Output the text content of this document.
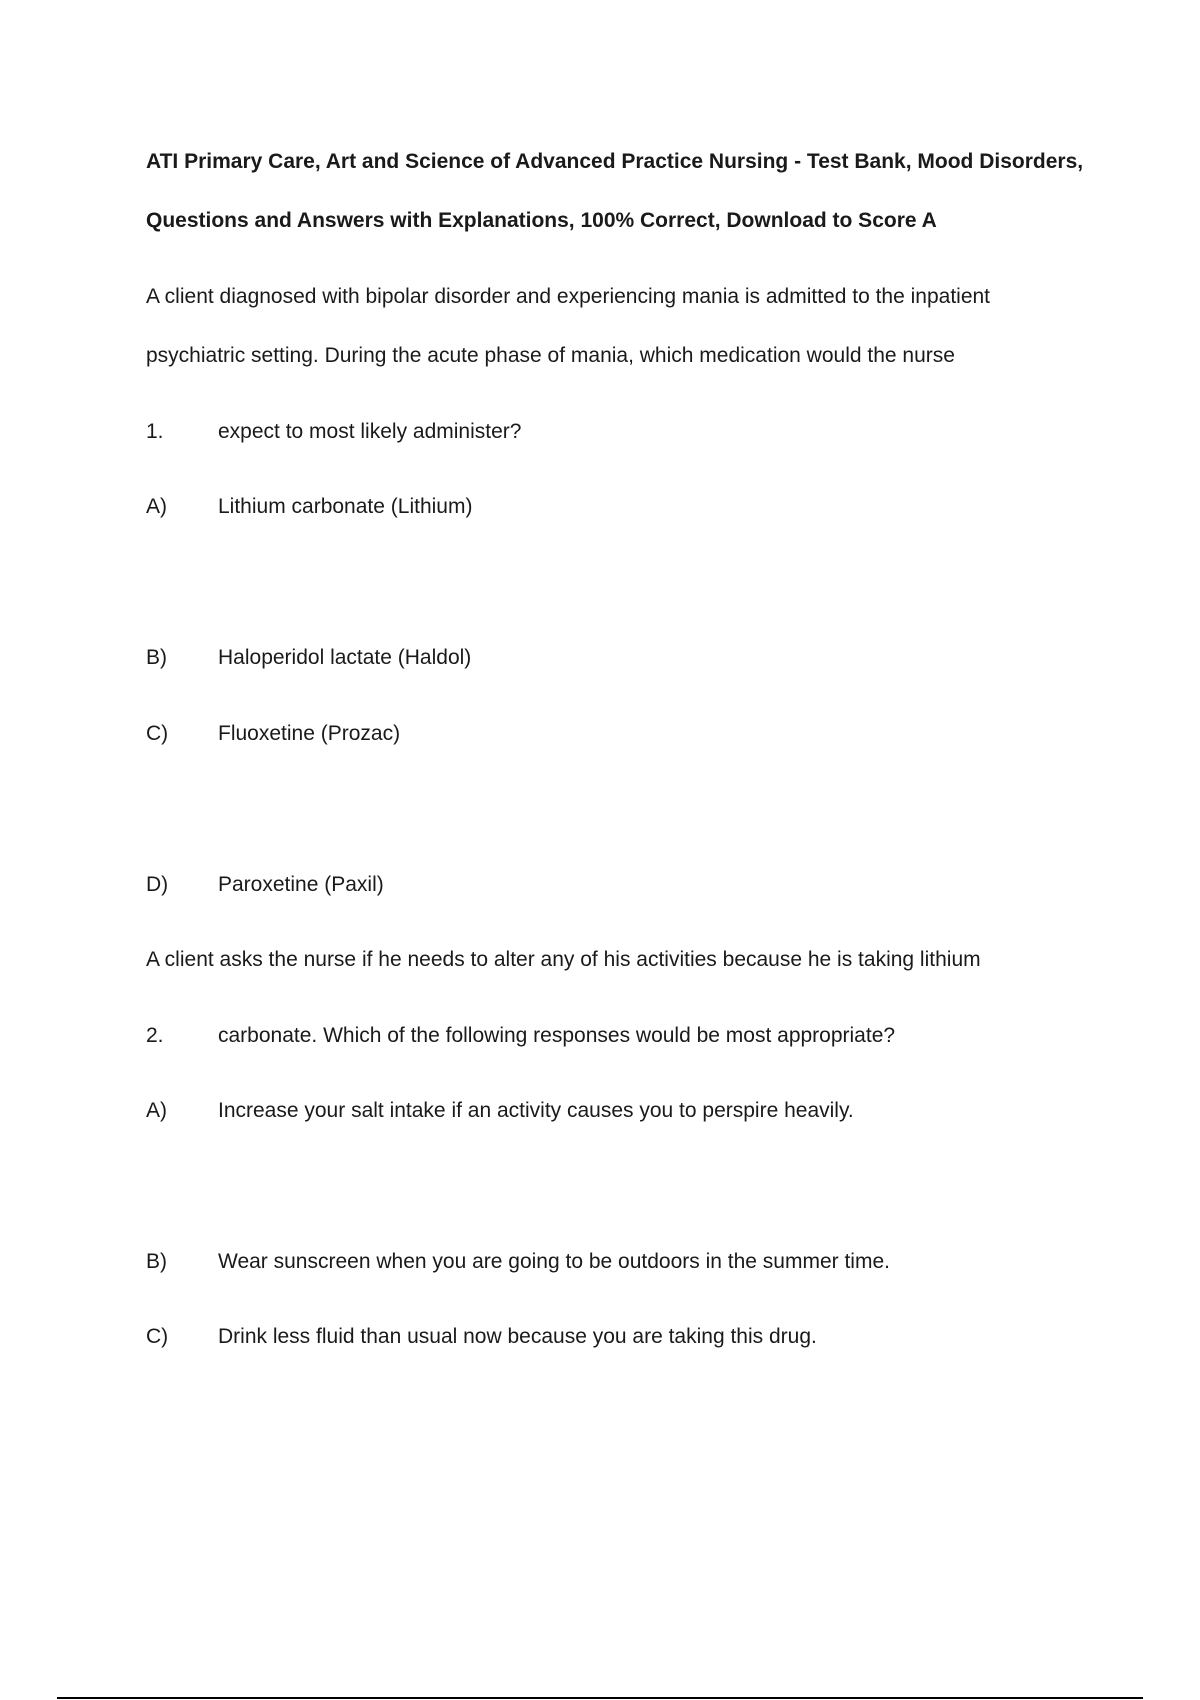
ATI Primary Care, Art and Science of Advanced Practice Nursing - Test Bank, Mood Disorders,
Questions and Answers with Explanations, 100% Correct, Download to Score A
A client diagnosed with bipolar disorder and experiencing mania is admitted to the inpatient
psychiatric setting. During the acute phase of mania, which medication would the nurse
1.	expect to most likely administer?
A) Lithium carbonate (Lithium)
B) Haloperidol lactate (Haldol)
C) Fluoxetine (Prozac)
D) Paroxetine (Paxil)
A client asks the nurse if he needs to alter any of his activities because he is taking lithium
2.	carbonate. Which of the following responses would be most appropriate?
A) Increase your salt intake if an activity causes you to perspire heavily.
B) Wear sunscreen when you are going to be outdoors in the summer time.
C) Drink less fluid than usual now because you are taking this drug.
